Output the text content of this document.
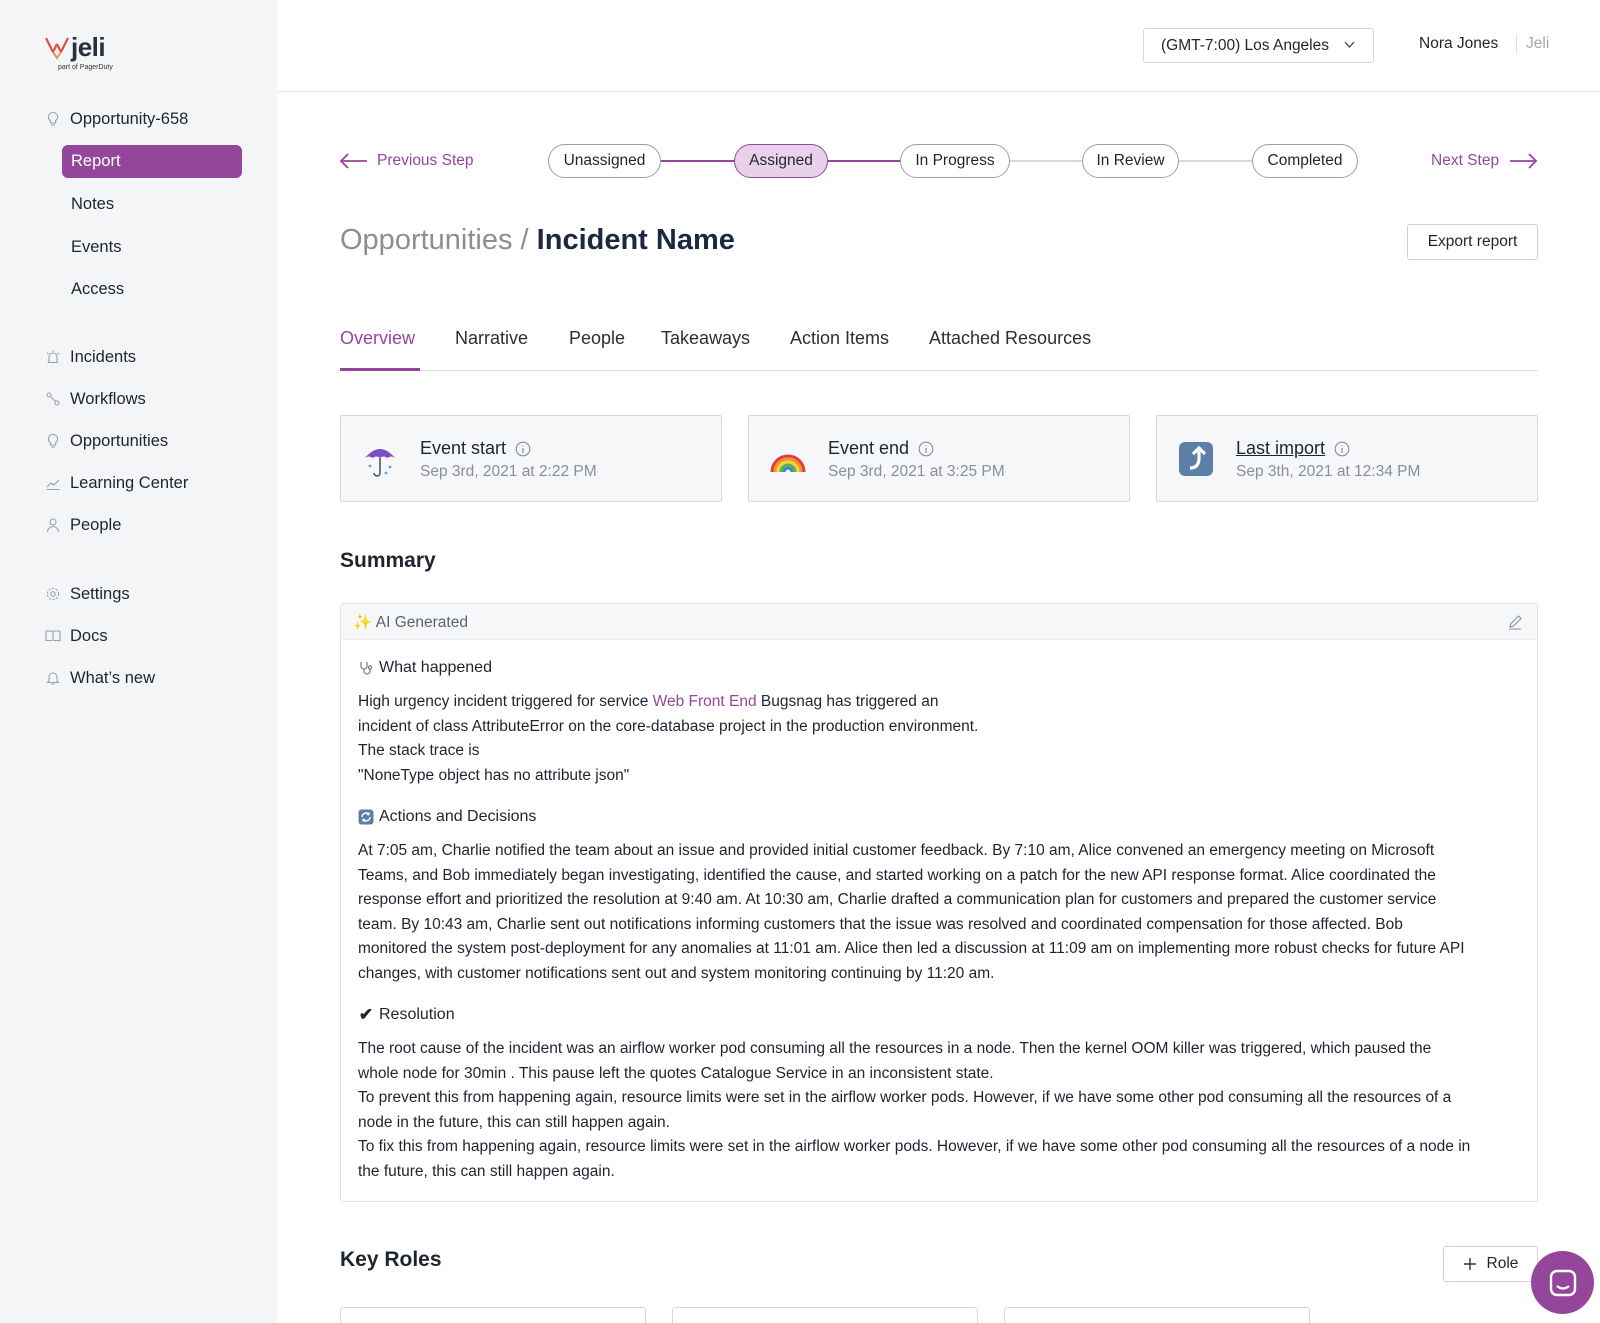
jeli
part of PagerDuty
Opportunity-658
Report
Notes
Events
Access
Incidents
Workflows
Opportunities
Learning Center
People
Settings
Docs
What’s new
(GMT-7:00) Los Angeles	Nora Jones	Jeli
Previous Step	Unassigned	Assigned	In Progress	In Review	Completed	Next Step
Opportunities / Incident Name	Export report
Overview Narrative People Takeaways Action Items Attached Resources
Event start
Sep 3rd, 2021 at 2:22 PM
Event end
Sep 3rd, 2021 at 3:25 PM
Last import
Sep 3th, 2021 at 12:34 PM
Summary
✨ AI Generated
What happened
High urgency incident triggered for service Web Front End Bugsnag has triggered an
incident of class AttributeError on the core-database project in the production environment.
The stack trace is
"NoneType object has no attribute json"
Actions and Decisions
At 7:05 am, Charlie notified the team about an issue and provided initial customer feedback. By 7:10 am, Alice convened an emergency meeting on Microsoft
Teams, and Bob immediately began investigating, identified the cause, and started working on a patch for the new API response format. Alice coordinated the
response effort and prioritized the resolution at 9:40 am. At 10:30 am, Charlie drafted a communication plan for customers and prepared the customer service
team. By 10:43 am, Charlie sent out notifications informing customers that the issue was resolved and coordinated compensation for those affected. Bob
monitored the system post-deployment for any anomalies at 11:01 am. Alice then led a discussion at 11:09 am on implementing more robust checks for future API
changes, with customer notifications sent out and system monitoring continuing by 11:20 am.
✔ Resolution
The root cause of the incident was an airflow worker pod consuming all the resources in a node. Then the kernel OOM killer was triggered, which paused the
whole node for 30min . This pause left the quotes Catalogue Service in an inconsistent state.
To prevent this from happening again, resource limits were set in the airflow worker pods. However, if we have some other pod consuming all the resources of a
node in the future, this can still happen again.
To fix this from happening again, resource limits were set in the airflow worker pods. However, if we have some other pod consuming all the resources of a node in
the future, this can still happen again.
Key Roles	Role
